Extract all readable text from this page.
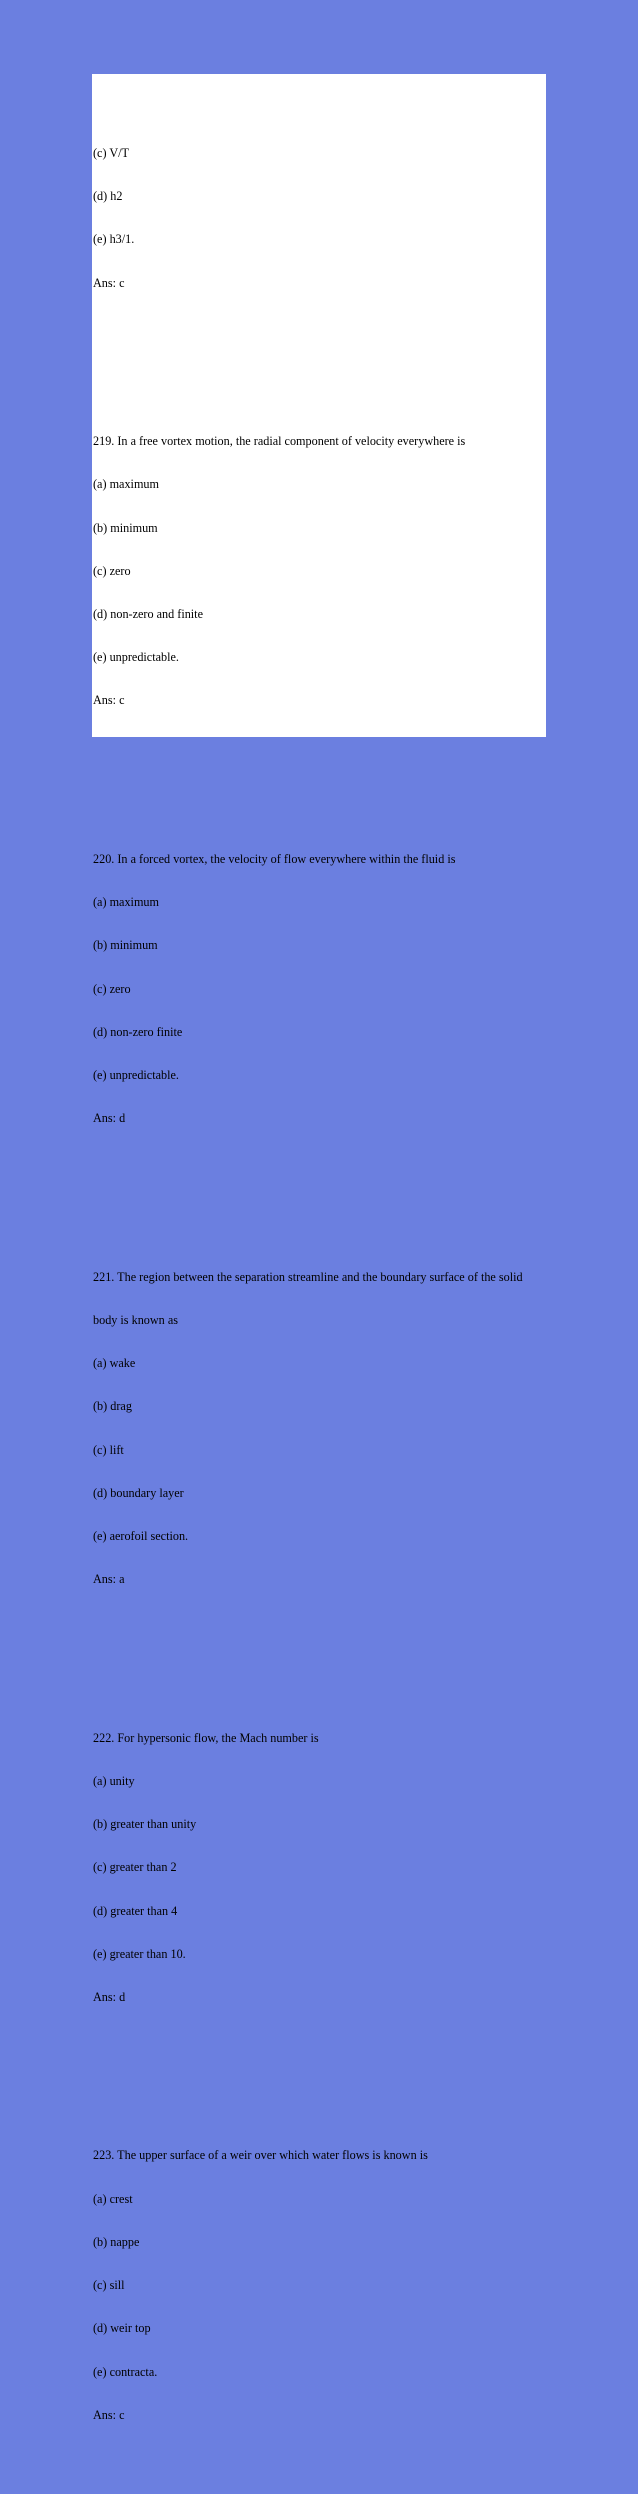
(c) V/T

(d) h2

(e) h3/1.

Ans: c

219. In a free vortex motion, the radial component of velocity everywhere is

(a) maximum

(b) minimum

(c) zero

(d) non-zero and finite

(e) unpredictable.

Ans: c

220. In a forced vortex, the velocity of flow everywhere within the fluid is

(a) maximum

(b) minimum

(c) zero

(d) non-zero finite

(e) unpredictable.

Ans: d

221. The region between the separation streamline and the boundary surface of the solid

body is known as

(a) wake

(b) drag

(c) lift

(d) boundary layer

(e) aerofoil section.

Ans: a

222. For hypersonic flow, the Mach number is

(a) unity

(b) greater than unity

(c) greater than 2

(d) greater than 4

(e) greater than 10.

Ans: d

223. The upper surface of a weir over which water flows is known is

(a) crest

(b) nappe

(c) sill

(d) weir top

(e) contracta.

Ans: c
